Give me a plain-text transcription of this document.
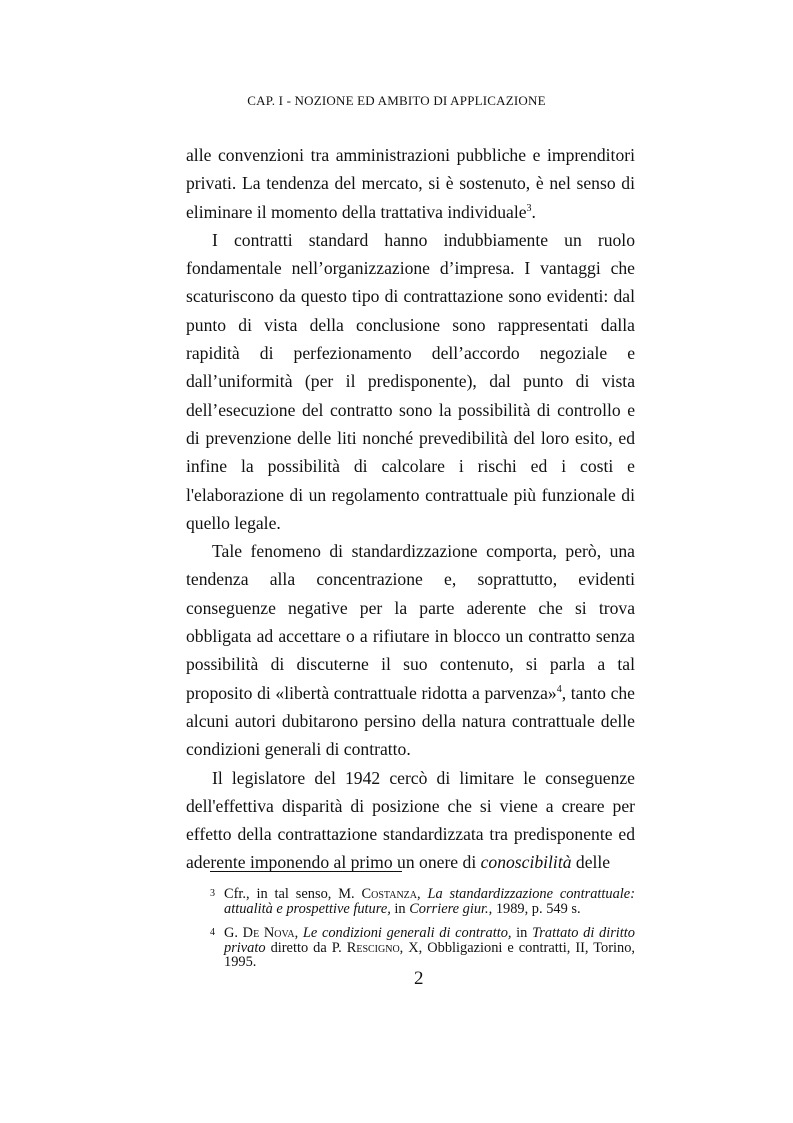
CAP. I - NOZIONE ED AMBITO DI APPLICAZIONE

alle convenzioni tra amministrazioni pubbliche e imprenditori privati. La tendenza del mercato, si è sostenuto, è nel senso di eliminare il momento della trattativa individuale$^3$.

I contratti standard hanno indubbiamente un ruolo fondamentale nell’organizzazione d’impresa. I vantaggi che scaturiscono da questo tipo di contrattazione sono evidenti: dal punto di vista della conclusione sono rappresentati dalla rapidità di perfezionamento dell’accordo negoziale e dall’uniformità (per il predisponente), dal punto di vista dell’esecuzione del contratto sono la possibilità di controllo e di prevenzione delle liti nonché prevedibilità del loro esito, ed infine la possibilità di calcolare i rischi ed i costi e l'elaborazione di un regolamento contrattuale più funzionale di quello legale.

Tale fenomeno di standardizzazione comporta, però, una tendenza alla concentrazione e, soprattutto, evidenti conseguenze negative per la parte aderente che si trova obbligata ad accettare o a rifiutare in blocco un contratto senza possibilità di discuterne il suo contenuto, si parla a tal proposito di «libertà contrattuale ridotta a parvenza»$^4$, tanto che alcuni autori dubitarono persino della natura contrattuale delle condizioni generali di contratto.

Il legislatore del 1942 cercò di limitare le conseguenze dell'effettiva disparità di posizione che si viene a creare per effetto della contrattazione standardizzata tra predisponente ed aderente imponendo al primo un onere di conoscibilità delle

3 Cfr., in tal senso, M. Costanza, La standardizzazione contrattuale: attualità e prospettive future, in Corriere giur., 1989, p. 549 s.
4 G. De Nova, Le condizioni generali di contratto, in Trattato di diritto privato diretto da P. Rescigno, X, Obbligazioni e contratti, II, Torino, 1995.
2
